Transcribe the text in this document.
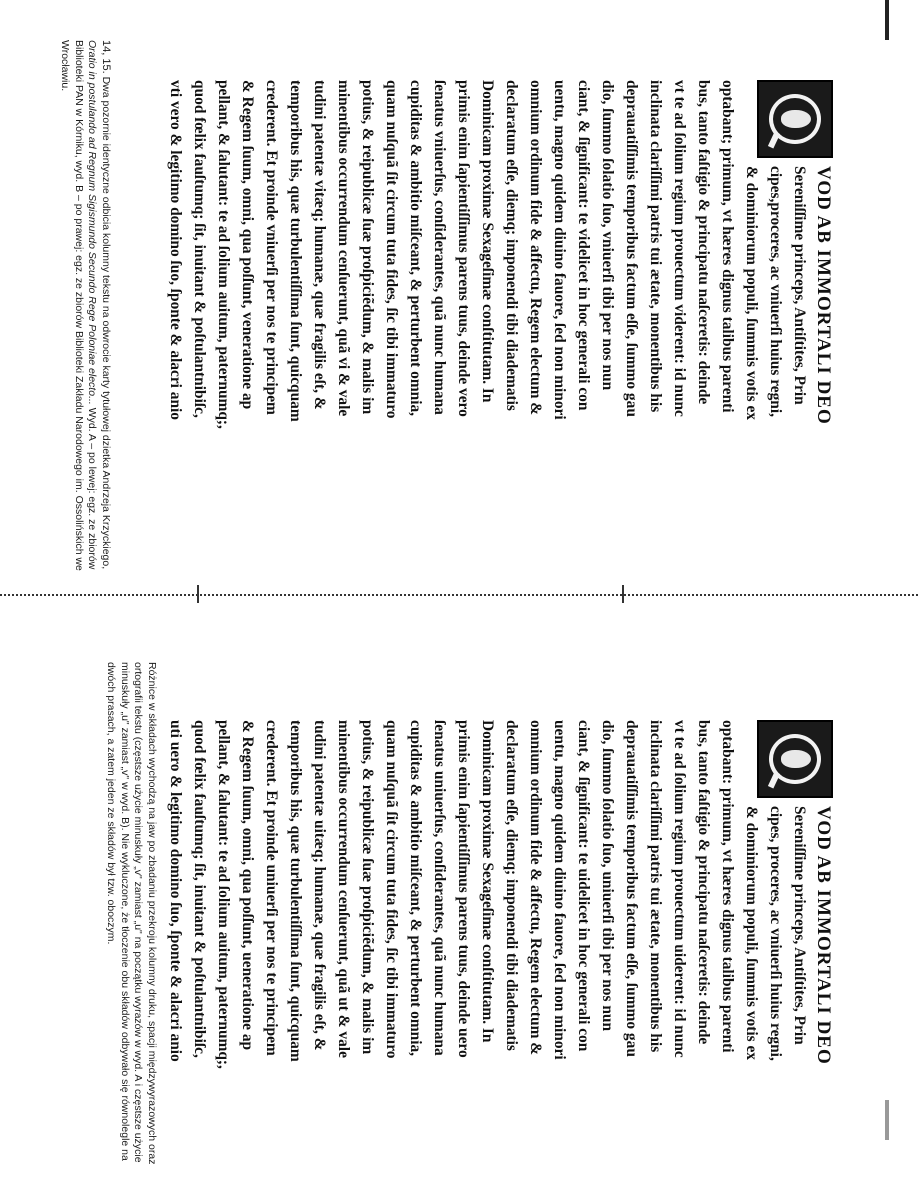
VOD AB IMMORTALI DEO
Sereniſſime princeps, Antiſtites, Prin
cipes,proceres, ac vniuerſi huius regni,
& dominiorum populi, ſummis votis ex
optabant; primum, vt hæres dignus talibus parenti
bus, tanto faſtigio & principatu naſceretis: deinde
vt te ad ſolium regium prouectum viderent: id nunc
inclinata clariſſimi patris tui ætate, monentibus his
deprauatiſſimis temporibus factum eſſe, ſummo gau
dio, ſummo ſolatio ſuo, vniuerſi tibi per nos nun
ciant, & ſignificant: te videlicet in hoc generali con
uentu, magno quidem diuino fauore, ſed non minori
omnium ordinum fide & affectu, Regem electum &
declaratum eſſe, diemq; imponendi tibi diadematis
Dominicam proximæ Sexageſimæ conſtitutam. In
primis enim ſapientiſſimus parens tuus, deinde vero
ſenatus vniuerſus, conſiderantes, quã nunc humana
cupiditas & ambitio miſceant, & perturbent omnia,
quam nuſquã ſit circum tuta fides, ſic tibi immaturo
potius, & reipublicæ ſuæ proſpiciẽdum, & malis im
minentibus occurrendum cenſuerunt, quã vi & vale
tudini patentæ vitæq; humanæ, quæ fragilis eſt, &
temporibus his, quæ turbulentiſſima ſunt, quicquam
crederent. Et proinde vniuerſi per nos te principem
& Regem ſuum, omni, qua poſſunt, veneratione ap
pellant, & ſalutant: te ad ſolium auitum, paternumq;,
quod fœlix fauſtumq; ſit, inuitant & poſtulantnibiſc,
vti vero & legitimo domino ſuo, ſponte & alacri anio
14, 15. Dwa pozornie identyczne odbicia kolumny tekstu na odwrocie karty tytułowej dzietka Andrzeja Krzyckiego, Oratio in postulando ad Regnum Sigismundo Secundo Rege Poloniae electo... Wyd. A – po lewej: egz. ze zbiorów Biblioteki PAN w Kórniku, wyd. B – po prawej: egz. ze zbiorów Biblioteki Zakładu Narodowego im. Ossolińskich we Wrocławiu.
VOD AB IMMORTALI DEO
Sereniſſime princeps, Antiſtites, Prin
cipes, proceres, ac vniuerſi huius regni,
& dominiorum populi, ſummis votis ex
optabant: primum, vt hæres dignus talibus parenti
bus, tanto faſtigio & principatu naſceretis: deinde
vt te ad ſolium regium prouectum uiderent: id nunc
inclinata clariſſimi patris tui ætate, monentibus his
deprauatiſſimis temporibus factum eſſe, ſummo gau
dio, ſummo ſolatio ſuo, uniuerſi tibi per nos nun
ciant, & ſignificant: te uidelicet in hoc generali con
uentu, magno quidem diuino fauore, ſed non minori
omnium ordinum fide & affectu, Regem electum &
declaratum eſſe, diemq; imponendi tibi diadematis
Dominicam proximæ Sexageſimæ conſtitutam. In
primis enim ſapientiſſimus parens tuus, deinde uero
ſenatus uniuerſus, conſiderantes, quã nunc humana
cupiditas & ambitio miſceant, & perturbent omnia,
quam nuſquã ſit circum tuta fides, ſic tibi immaturo
potius, & reipublicæ ſuæ proſpiciẽdum, & malis im
minentibus occurrendum cenſuerunt, quã ut & vale
tudini patentæ uitæq; humanæ, quæ fragilis eſt, &
temporibus his, quæ turbulentiſſima ſunt, quicquam
crederent. Et proinde uniuerſi per nos te principem
& Regem ſuum, omni, qua poſſunt, ueneratione ap
pellant, & ſalutant: te ad ſolium auitum, paternumq;,
quod fœlix fauſtumq; ſit, inuitant & poſtulantnibiſc,
uti uero & legitimo domino ſuo, ſponte & alacri anio
Różnice w składach wychodzą na jaw po zbadaniu przekroju kolumny druku, spacji międzywyrazowych oraz ortografii tekstu (częstsze użycie minuskuły „v" zamiast „u" na początku wyrazów w wyd. A i częstsze użycie minuskuły „u" zamiast „v" w wyd. B). Nie wykluczone, że tłoczenie obu składów odbywało się równolegle na dwóch prasach, a zatem jeden ze składów był tzw. oboczym.
